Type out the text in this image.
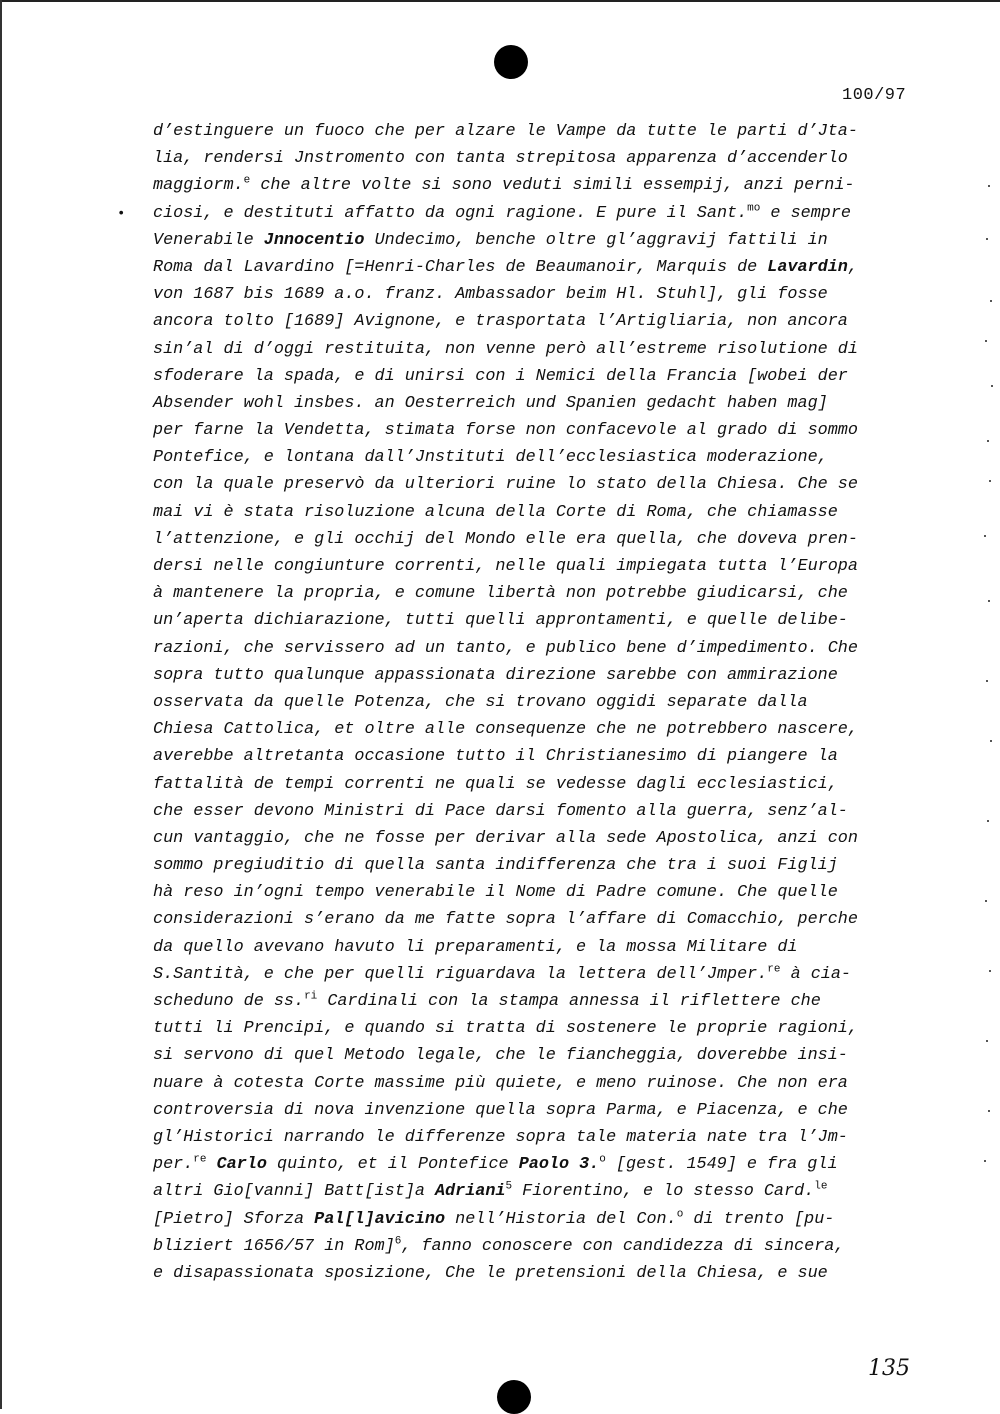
100/97
•
d’estinguere un fuoco che per alzare le Vampe da tutte le parti d’Jta-
lia, rendersi Jnstromento con tanta strepitosa apparenza d’accenderlo
maggiorm.$^e$ che altre volte si sono veduti simili essempij, anzi perni-
ciosi, e destituti affatto da ogni ragione. E pure il Sant.$^{mo}$ e sempre
Venerabile Jnnocentio Undecimo, benche oltre gl’aggravij fattili in
Roma dal Lavardino [=Henri-Charles de Beaumanoir, Marquis de Lavardin,
von 1687 bis 1689 a.o. franz. Ambassador beim Hl. Stuhl], gli fosse
ancora tolto [1689] Avignone, e trasportata l’Artigliaria, non ancora
sin’al di d’oggi restituita, non venne però all’estreme risolutione di
sfoderare la spada, e di unirsi con i Nemici della Francia [wobei der
Absender wohl insbes. an Oesterreich und Spanien gedacht haben mag]
per farne la Vendetta, stimata forse non confacevole al grado di sommo
Pontefice, e lontana dall’Jnstituti dell’ecclesiastica moderazione,
con la quale preservò da ulteriori ruine lo stato della Chiesa. Che se
mai vi è stata risoluzione alcuna della Corte di Roma, che chiamasse
l’attenzione, e gli occhij del Mondo elle era quella, che doveva pren-
dersi nelle congiunture correnti, nelle quali impiegata tutta l’Europa
à mantenere la propria, e comune libertà non potrebbe giudicarsi, che
un’aperta dichiarazione, tutti quelli approntamenti, e quelle delibe-
razioni, che servissero ad un tanto, e publico bene d’impedimento. Che
sopra tutto qualunque appassionata direzione sarebbe con ammirazione
osservata da quelle Potenza, che si trovano oggidi separate dalla
Chiesa Cattolica, et oltre alle consequenze che ne potrebbero nascere,
averebbe altretanta occasione tutto il Christianesimo di piangere la
fattalità de tempi correnti ne quali se vedesse dagli ecclesiastici,
che esser devono Ministri di Pace darsi fomento alla guerra, senz’al-
cun vantaggio, che ne fosse per derivar alla sede Apostolica, anzi con
sommo pregiuditio di quella santa indifferenza che tra i suoi Figlij
hà reso in’ogni tempo venerabile il Nome di Padre comune. Che quelle
considerazioni s’erano da me fatte sopra l’affare di Comacchio, perche
da quello avevano havuto li preparamenti, e la mossa Militare di
S.Santità, e che per quelli riguardava la lettera dell’Jmper.$^{re}$ à cia-
scheduno de ss.$^{ri}$ Cardinali con la stampa annessa il riflettere che
tutti li Prencipi, e quando si tratta di sostenere le proprie ragioni,
si servono di quel Metodo legale, che le fiancheggia, doverebbe insi-
nuare à cotesta Corte massime più quiete, e meno ruinose. Che non era
controversia di nova invenzione quella sopra Parma, e Piacenza, e che
gl’Historici narrando le differenze sopra tale materia nate tra l’Jm-
per.$^{re}$ Carlo quinto, et il Pontefice Paolo 3.$^o$ [gest. 1549] e fra gli
altri Gio[vanni] Batt[ist]a Adriani$^5$ Fiorentino, e lo stesso Card.$^{le}$
[Pietro] Sforza Pal[l]avicino nell’Historia del Con.$^o$ di trento [pu-
bliziert 1656/57 in Rom]$^6$, fanno conoscere con candidezza di sincera,
e disapassionata sposizione, Che le pretensioni della Chiesa, e sue
135
